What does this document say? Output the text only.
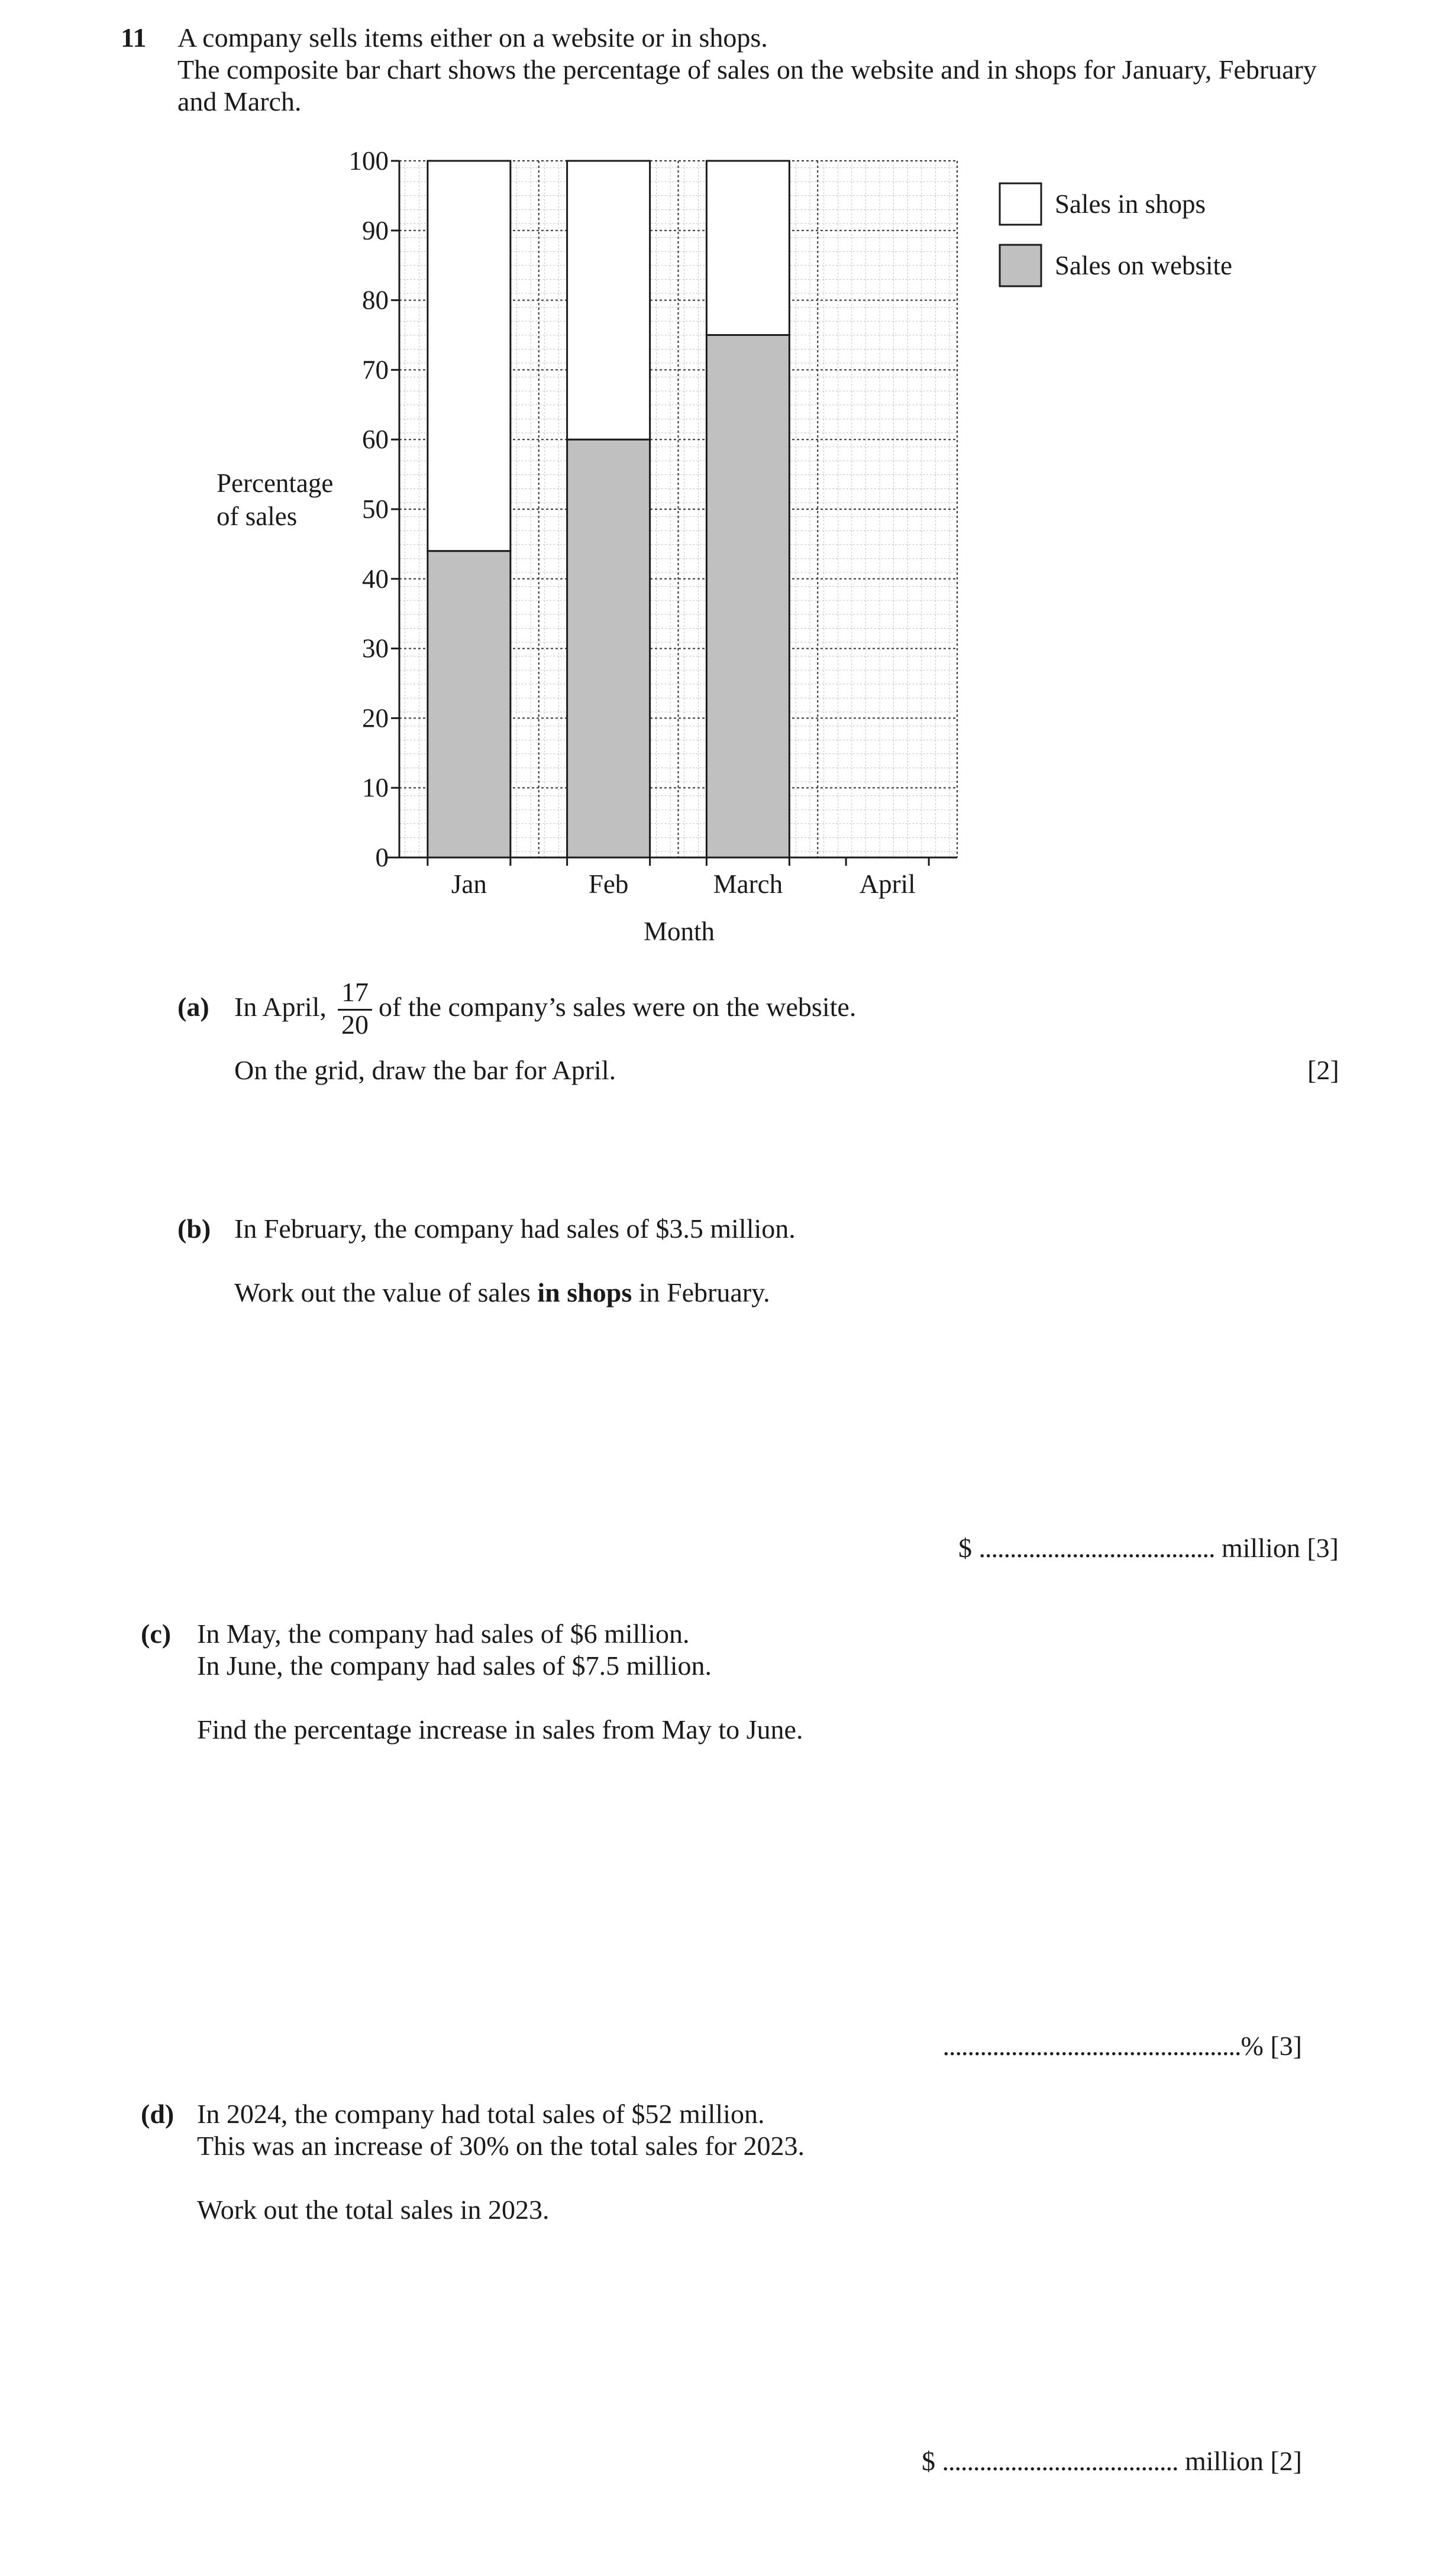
11 A company sells items either on a website or in shops.
The composite bar chart shows the percentage of sales on the website and in shops for January, February
and March.
Jan	Feb	March	April
0
10
20
30
40
50
60
70
80
90
100
Sales in shops
Sales on website
Percentage
of sales
Month
(a) In April, 17
20
of the company’s sales were on the website.
On the grid, draw the bar for April.	[2]
(b) In February, the company had sales of $3.5 million.
Work out the value of sales in shops in February.
$ ...................................... million [3]
(c) In May, the company had sales of $6 million.
In June, the company had sales of $7.5 million.
Find the percentage increase in sales from May to June.
................................................% [3]
(d) In 2024, the company had total sales of $52 million.
This was an increase of 30% on the total sales for 2023.
Work out the total sales in 2023.
$ ...................................... million [2]
